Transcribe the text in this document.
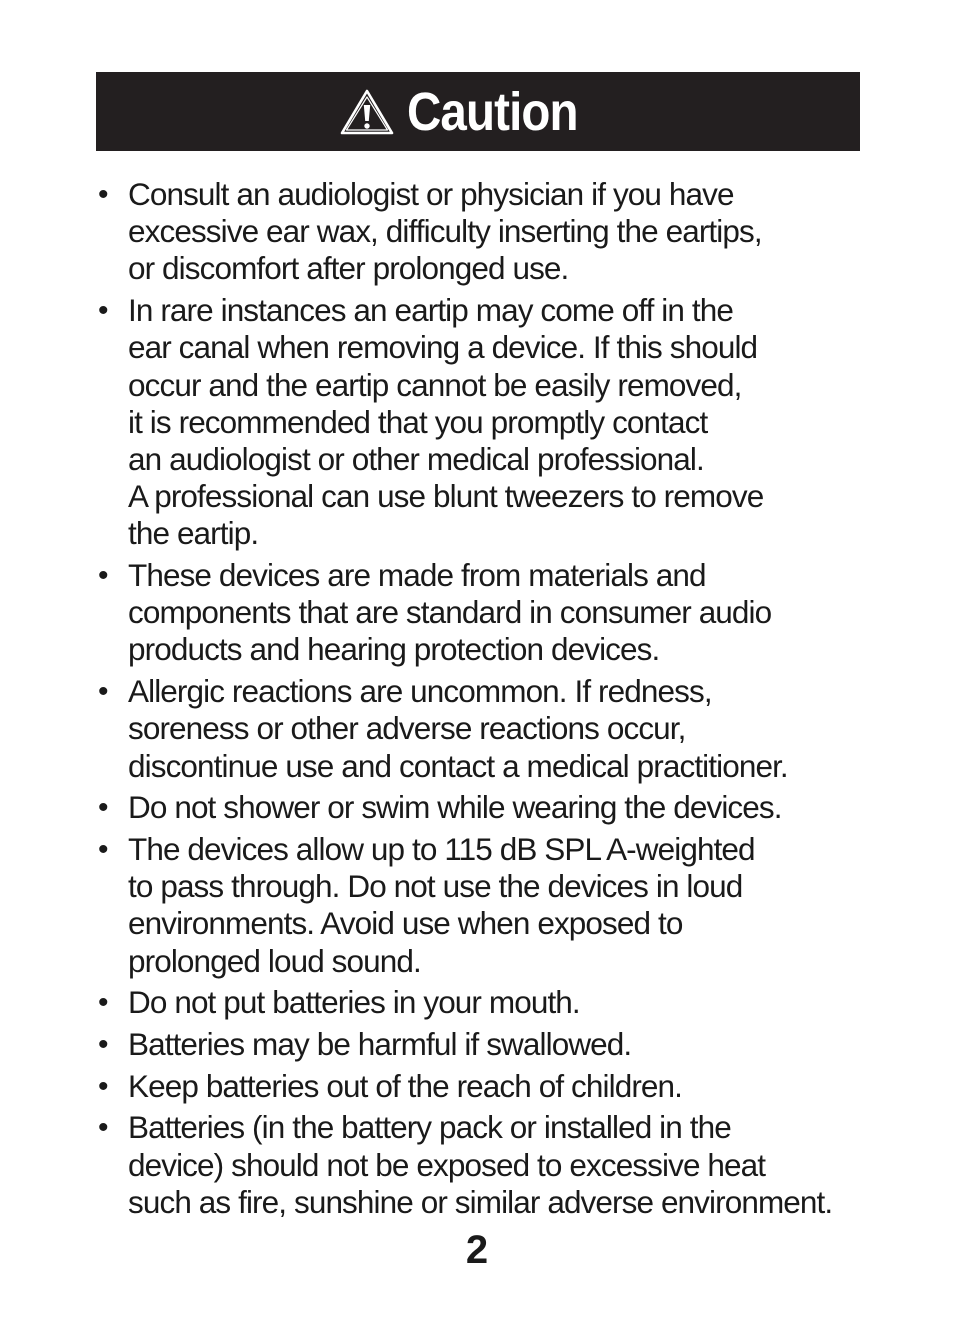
Caution
• Consult an audiologist or physician if you have
excessive ear wax, difficulty inserting the eartips,
or discomfort after prolonged use.
• In rare instances an eartip may come off in the
ear canal when removing a device. If this should
occur and the eartip cannot be easily removed,
it is recommended that you promptly contact
an audiologist or other medical professional.
A professional can use blunt tweezers to remove
the eartip.
• These devices are made from materials and
components that are standard in consumer audio
products and hearing protection devices.
• Allergic reactions are uncommon. If redness,
soreness or other adverse reactions occur,
discontinue use and contact a medical practitioner.
• Do not shower or swim while wearing the devices.
• The devices allow up to 115 dB SPL A-weighted
to pass through. Do not use the devices in loud
environments. Avoid use when exposed to
prolonged loud sound.
• Do not put batteries in your mouth.
• Batteries may be harmful if swallowed.
• Keep batteries out of the reach of children.
• Batteries (in the battery pack or installed in the
device) should not be exposed to excessive heat
such as fire, sunshine or similar adverse environment.
2
